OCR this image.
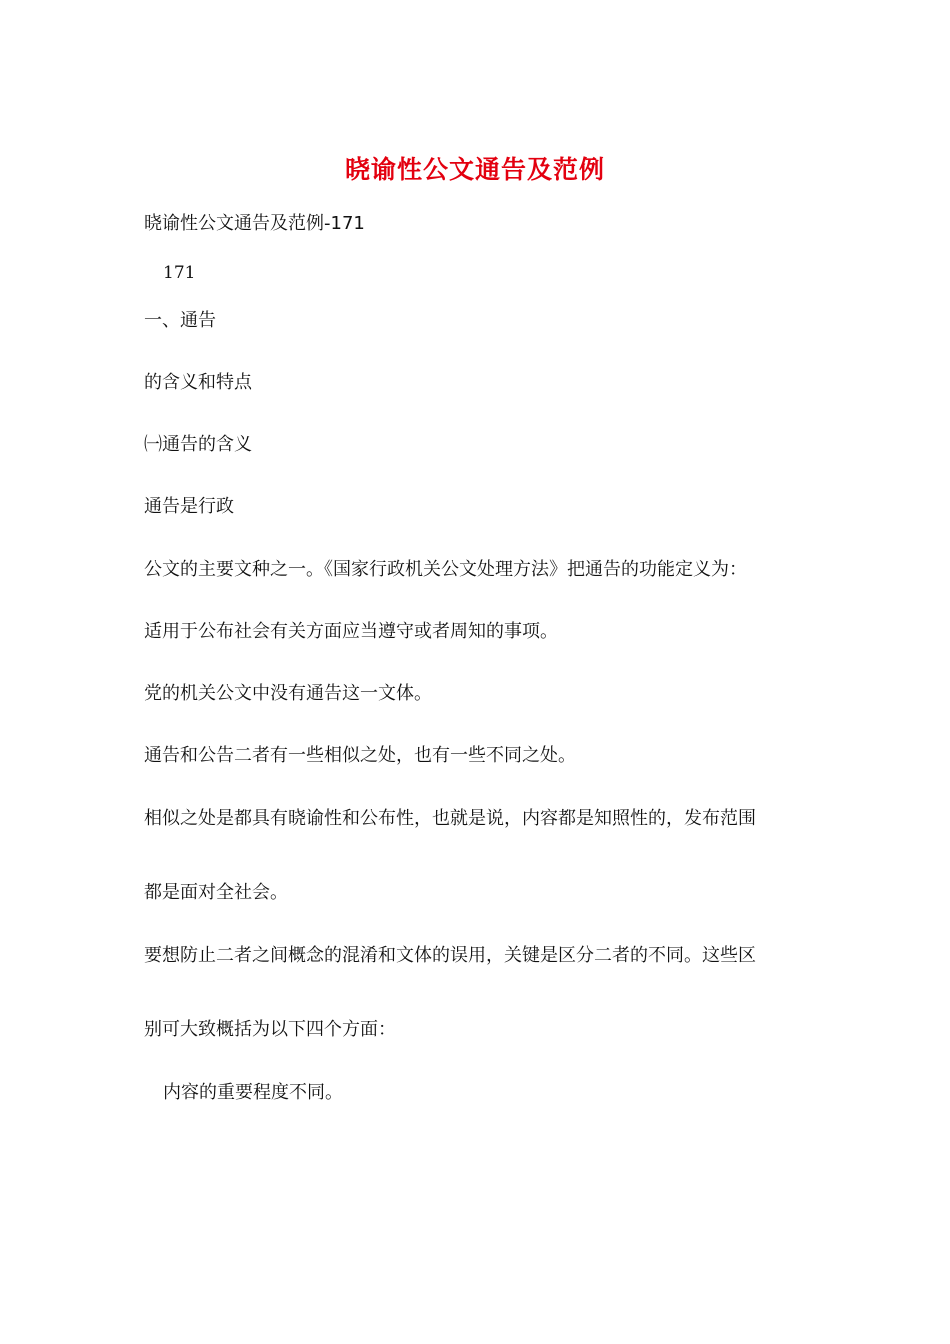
晓谕性公文通告及范例
晓谕性公文通告及范例-171
171
一、通告
的含义和特点
㈠通告的含义
通告是行政
公文的主要文种之一。《国家行政机关公文处理方法》把通告的功能定义为：
适用于公布社会有关方面应当遵守或者周知的事项。
党的机关公文中没有通告这一文体。
通告和公告二者有一些相似之处，也有一些不同之处。
相似之处是都具有晓谕性和公布性，也就是说，内容都是知照性的，发布范围
都是面对全社会。
要想防止二者之间概念的混淆和文体的误用，关键是区分二者的不同。这些区
别可大致概括为以下四个方面：
内容的重要程度不同。
